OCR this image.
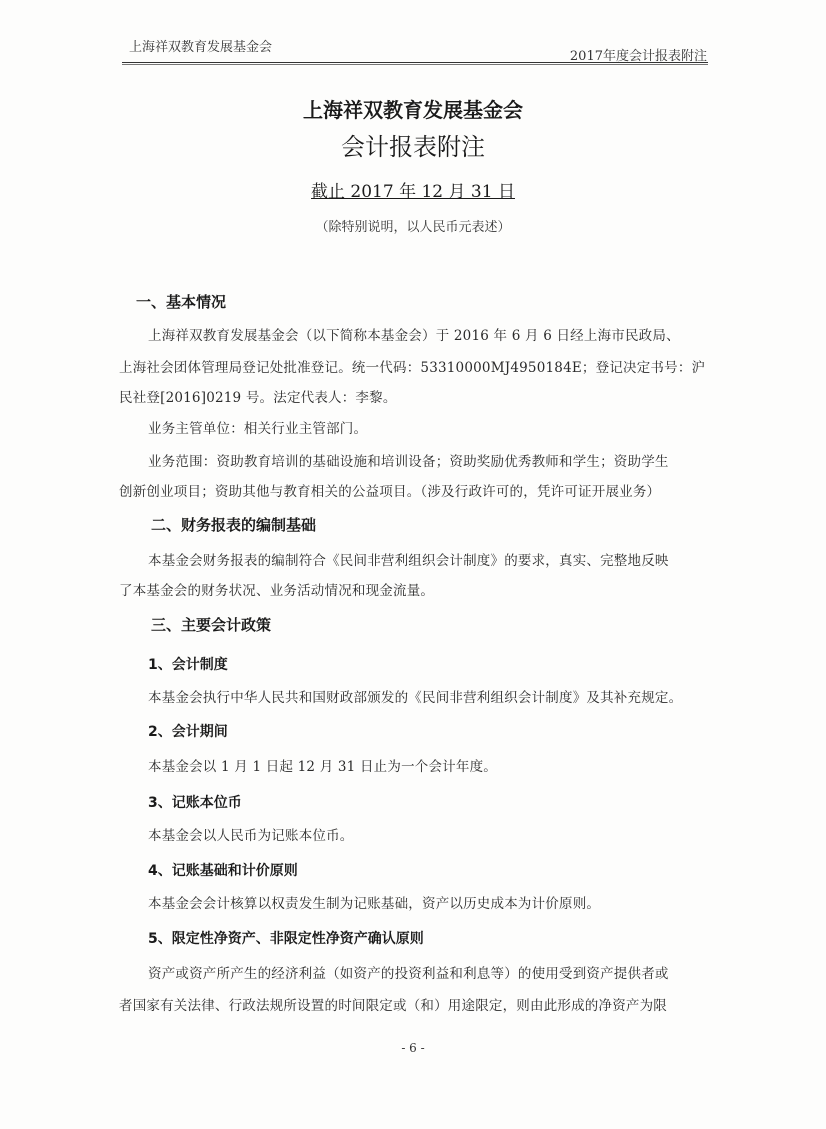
上海祥双教育发展基金会
2017年度会计报表附注
上海祥双教育发展基金会
会计报表附注
截止 2017 年 12 月 31 日
（除特别说明，以人民币元表述）
一、基本情况
上海祥双教育发展基金会（以下简称本基金会）于 2016 年 6 月 6 日经上海市民政局、
上海社会团体管理局登记处批准登记。统一代码：53310000MJ4950184E；登记决定书号：沪
民社登[2016]0219 号。法定代表人：李黎。
业务主管单位：相关行业主管部门。
业务范围：资助教育培训的基础设施和培训设备；资助奖励优秀教师和学生；资助学生
创新创业项目；资助其他与教育相关的公益项目。（涉及行政许可的，凭许可证开展业务）
二、财务报表的编制基础
本基金会财务报表的编制符合《民间非营利组织会计制度》的要求，真实、完整地反映
了本基金会的财务状况、业务活动情况和现金流量。
三、主要会计政策
1、会计制度
本基金会执行中华人民共和国财政部颁发的《民间非营利组织会计制度》及其补充规定。
2、会计期间
本基金会以 1 月 1 日起 12 月 31 日止为一个会计年度。
3、记账本位币
本基金会以人民币为记账本位币。
4、记账基础和计价原则
本基金会会计核算以权责发生制为记账基础，资产以历史成本为计价原则。
5、限定性净资产、非限定性净资产确认原则
资产或资产所产生的经济利益（如资产的投资利益和利息等）的使用受到资产提供者或
者国家有关法律、行政法规所设置的时间限定或（和）用途限定，则由此形成的净资产为限
- 6 -
